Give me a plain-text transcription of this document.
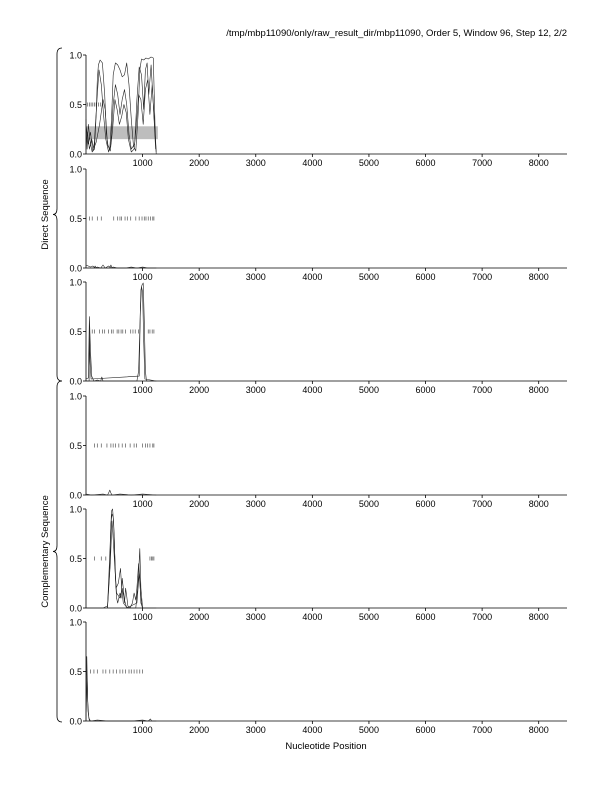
/tmp/mbp11090/only/raw_result_dir/mbp11090, Order 5, Window 96, Step 12, 2/2
0.0
0.5
1.0
1000	2000	3000	4000	5000	6000	7000	8000
0.0
0.5
1.0
1000	2000	3000	4000	5000	6000	7000	8000
0.0
0.5
1.0
1000	2000	3000	4000	5000	6000	7000	8000
0.0
0.5
1.0
1000	2000	3000	4000	5000	6000	7000	8000
0.0
0.5
1.0
1000	2000	3000	4000	5000	6000	7000	8000
0.0
0.5
1.0
1000	2000	3000	4000	5000	6000	7000	8000
Direct Sequence
Complementary Sequence
Nucleotide Position
